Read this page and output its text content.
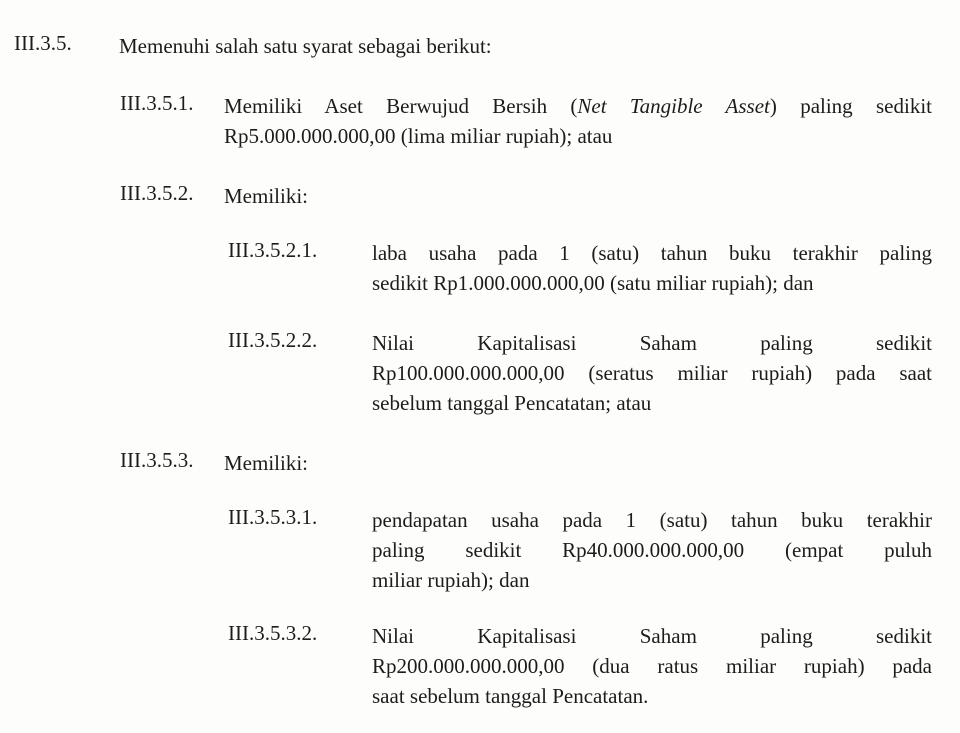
III.3.5.	Memenuhi salah satu syarat sebagai berikut:
III.3.5.1.	Memiliki Aset Berwujud Bersih (Net Tangible Asset) paling sedikit
Rp5.000.000.000,00 (lima miliar rupiah); atau
III.3.5.2.	Memiliki:
III.3.5.2.1.	laba usaha pada 1 (satu) tahun buku terakhir paling
sedikit Rp1.000.000.000,00 (satu miliar rupiah); dan
III.3.5.2.2.	Nilai Kapitalisasi Saham paling sedikit
Rp100.000.000.000,00 (seratus miliar rupiah) pada saat
sebelum tanggal Pencatatan; atau
III.3.5.3.	Memiliki:
III.3.5.3.1.	pendapatan usaha pada 1 (satu) tahun buku terakhir
paling sedikit Rp40.000.000.000,00 (empat puluh
miliar rupiah); dan
III.3.5.3.2.	Nilai Kapitalisasi Saham paling sedikit
Rp200.000.000.000,00 (dua ratus miliar rupiah) pada
saat sebelum tanggal Pencatatan.
